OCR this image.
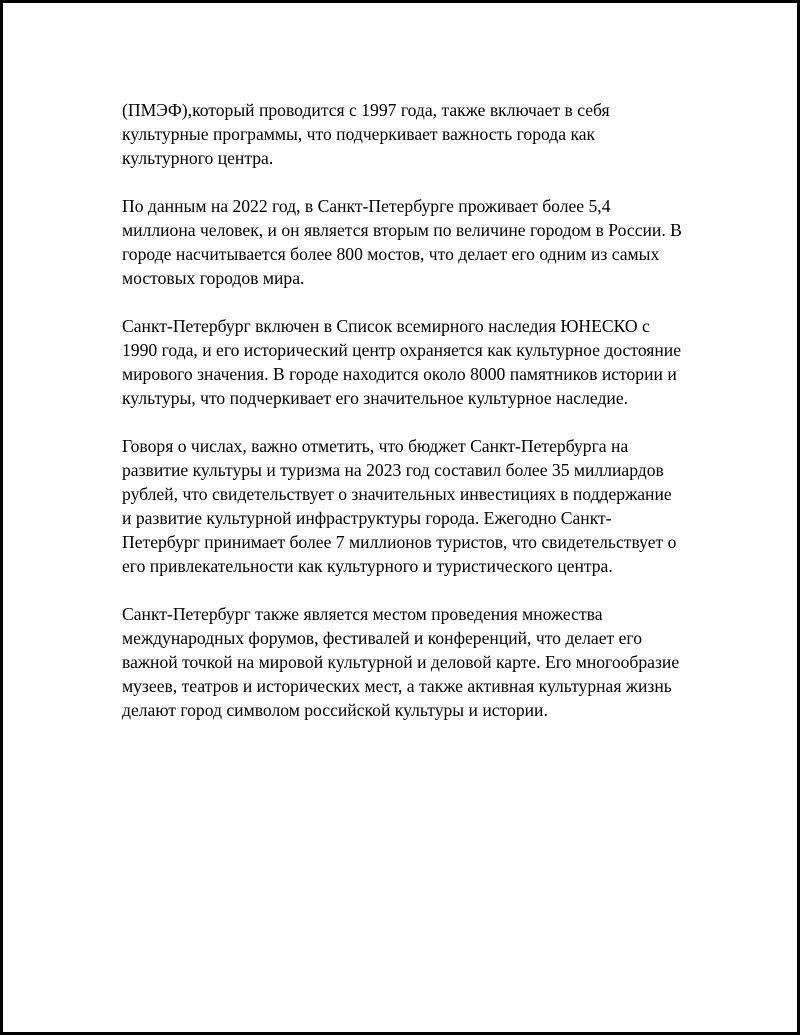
(ПМЭФ),который проводится с 1997 года, также включает в себя культурные программы, что подчеркивает важность города как культурного центра.

По данным на 2022 год, в Санкт-Петербурге проживает более 5,4 миллиона человек, и он является вторым по величине городом в России. В городе насчитывается более 800 мостов, что делает его одним из самых мостовых городов мира.

Санкт-Петербург включен в Список всемирного наследия ЮНЕСКО с 1990 года, и его исторический центр охраняется как культурное достояние мирового значения. В городе находится около 8000 памятников истории и культуры, что подчеркивает его значительное культурное наследие.

Говоря о числах, важно отметить, что бюджет Санкт-Петербурга на развитие культуры и туризма на 2023 год составил более 35 миллиардов рублей, что свидетельствует о значительных инвестициях в поддержание и развитие культурной инфраструктуры города. Ежегодно Санкт-Петербург принимает более 7 миллионов туристов, что свидетельствует о его привлекательности как культурного и туристического центра.

Санкт-Петербург также является местом проведения множества международных форумов, фестивалей и конференций, что делает его важной точкой на мировой культурной и деловой карте. Его многообразие музеев, театров и исторических мест, а также активная культурная жизнь делают город символом российской культуры и истории.
